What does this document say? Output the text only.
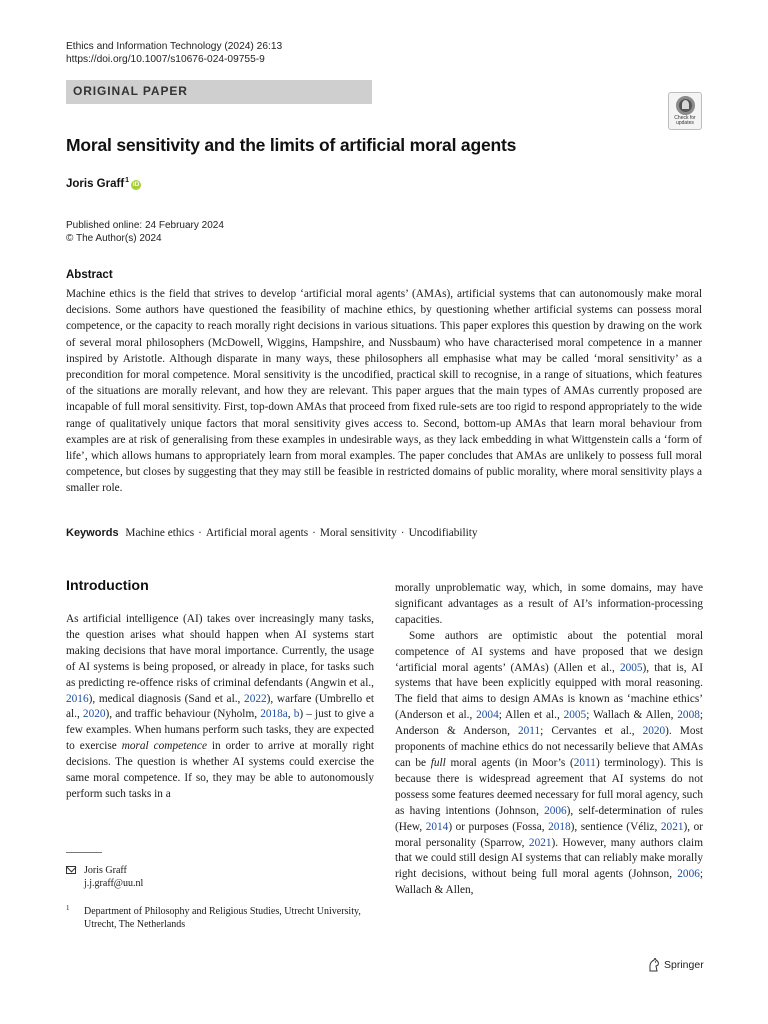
Ethics and Information Technology (2024) 26:13
https://doi.org/10.1007/s10676-024-09755-9
ORIGINAL PAPER
Check for updates
Moral sensitivity and the limits of artificial moral agents
Joris Graff$^1$
iD
Published online: 24 February 2024
© The Author(s) 2024
Abstract

Machine ethics is the field that strives to develop ‘artificial moral agents’ (AMAs), artificial systems that can autonomously make moral decisions. Some authors have questioned the feasibility of machine ethics, by questioning whether artificial systems can possess moral competence, or the capacity to reach morally right decisions in various situations. This paper explores this question by drawing on the work of several moral philosophers (McDowell, Wiggins, Hampshire, and Nussbaum) who have characterised moral competence in a manner inspired by Aristotle. Although disparate in many ways, these philosophers all emphasise what may be called ‘moral sensitivity’ as a precondition for moral competence. Moral sensitivity is the uncodified, practical skill to recognise, in a range of situations, which features of the situations are morally relevant, and how they are relevant. This paper argues that the main types of AMAs currently proposed are incapable of full moral sensitivity. First, top-down AMAs that proceed from fixed rule-sets are too rigid to respond appropriately to the wide range of qualitatively unique factors that moral sensitivity gives access to. Second, bottom-up AMAs that learn moral behaviour from examples are at risk of generalising from these examples in undesirable ways, as they lack embedding in what Wittgenstein calls a ‘form of life’, which allows humans to appropriately learn from moral examples. The paper concludes that AMAs are unlikely to possess full moral competence, but closes by suggesting that they may still be feasible in restricted domains of public morality, where moral sensitivity plays a smaller role.

Keywords Machine ethics · Artificial moral agents · Moral sensitivity · Uncodifiability
Introduction

As artificial intelligence (AI) takes over increasingly many tasks, the question arises what should happen when AI systems start making decisions that have moral importance. Currently, the usage of AI systems is being proposed, or already in place, for tasks such as predicting re-offence risks of criminal defendants (Angwin et al., 2016), medical diagnosis (Sand et al., 2022), warfare (Umbrello et al., 2020), and traffic behaviour (Nyholm, 2018a, b) – just to give a few examples. When humans perform such tasks, they are expected to exercise moral competence in order to arrive at morally right decisions. The question is whether AI systems could exercise the same moral competence. If so, they may be able to autonomously perform such tasks in a

morally unproblematic way, which, in some domains, may have significant advantages as a result of AI’s information-processing capacities.

Some authors are optimistic about the potential moral competence of AI systems and have proposed that we design ‘artificial moral agents’ (AMAs) (Allen et al., 2005), that is, AI systems that have been explicitly equipped with moral reasoning. The field that aims to design AMAs is known as ‘machine ethics’ (Anderson et al., 2004; Allen et al., 2005; Wallach & Allen, 2008; Anderson & Anderson, 2011; Cervantes et al., 2020). Most proponents of machine ethics do not necessarily believe that AMAs can be full moral agents (in Moor’s (2011) terminology). This is because there is widespread agreement that AI systems do not possess some features deemed necessary for full moral agency, such as having intentions (Johnson, 2006), self-determination of rules (Hew, 2014) or purposes (Fossa, 2018), sentience (Véliz, 2021), or moral personality (Sparrow, 2021). However, many authors claim that we could still design AI systems that can reliably make morally right decisions, without being full moral agents (Johnson, 2006; Wallach & Allen,

Joris Graff
j.j.graff@uu.nl
1 Department of Philosophy and Religious Studies, Utrecht University, Utrecht, The Netherlands
Springer
